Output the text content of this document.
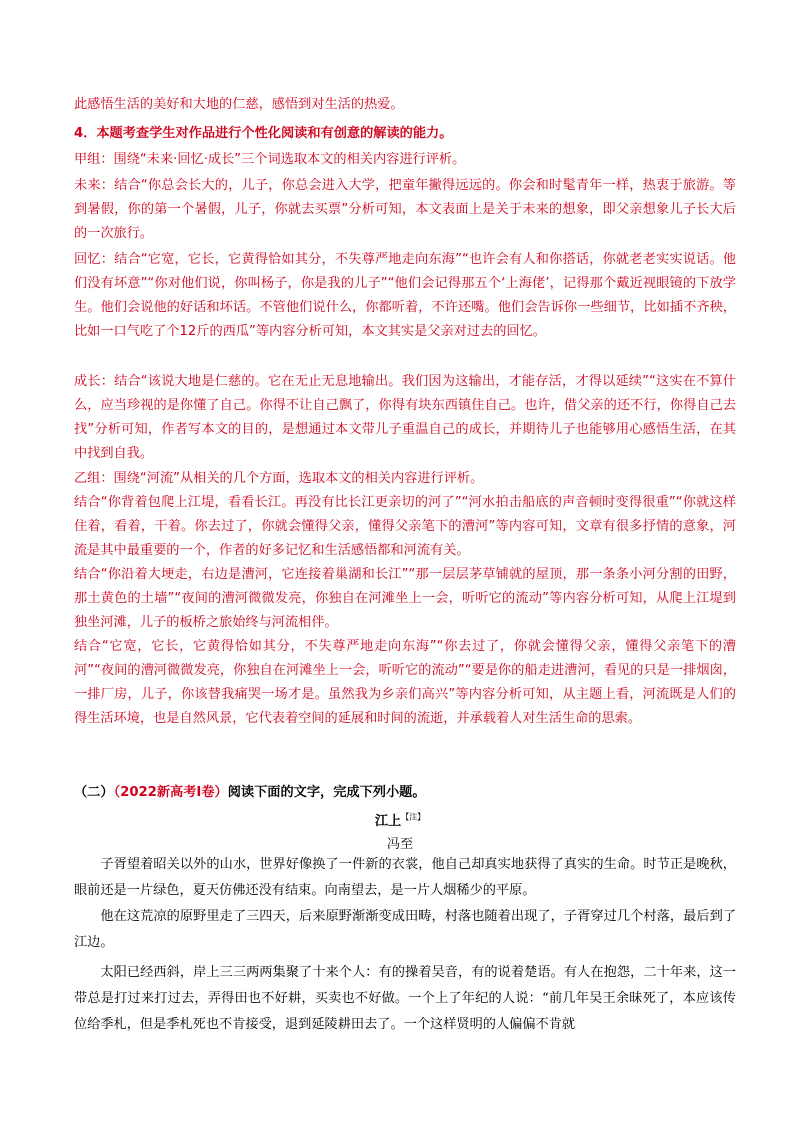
此感悟生活的美好和大地的仁慈，感悟到对生活的热爱。

4．本题考查学生对作品进行个性化阅读和有创意的解读的能力。

甲组：围绕“未来·回忆·成长”三个词选取本文的相关内容进行评析。

未来：结合“你总会长大的，儿子，你总会进入大学，把童年撇得远远的。你会和时髦青年一样，热衷于旅游。等到暑假，你的第一个暑假，儿子，你就去买票”分析可知，本文表面上是关于未来的想象，即父亲想象儿子长大后的一次旅行。

回忆：结合“它宽，它长，它黄得恰如其分，不失尊严地走向东海”“也许会有人和你搭话，你就老老实实说话。他们没有坏意”“你对他们说，你叫杨子，你是我的儿子”“他们会记得那五个‘上海佬’，记得那个戴近视眼镜的下放学生。他们会说他的好话和坏话。不管他们说什么，你都听着，不许还嘴。他们会告诉你一些细节，比如插不齐秧，比如一口气吃了个12斤的西瓜”等内容分析可知，本文其实是父亲对过去的回忆。

成长：结合“该说大地是仁慈的。它在无止无息地输出。我们因为这输出，才能存活，才得以延续”“这实在不算什么，应当珍视的是你懂了自己。你得不让自己飘了，你得有块东西镇住自己。也许，借父亲的还不行，你得自己去找”分析可知，作者写本文的目的，是想通过本文带儿子重温自己的成长，并期待儿子也能够用心感悟生活，在其中找到自我。

乙组：围绕“河流”从相关的几个方面，选取本文的相关内容进行评析。

结合“你背着包爬上江堤，看看长江。再没有比长江更亲切的河了”“河水拍击船底的声音顿时变得很重”“你就这样住着，看着，干着。你去过了，你就会懂得父亲，懂得父亲笔下的漕河”等内容可知，文章有很多抒情的意象，河流是其中最重要的一个，作者的好多记忆和生活感悟都和河流有关。

结合“你沿着大埂走，右边是漕河，它连接着巢湖和长江”“那一层层茅草铺就的屋顶，那一条条小河分割的田野，那土黄色的土墙”“夜间的漕河微微发亮，你独自在河滩坐上一会，听听它的流动”等内容分析可知，从爬上江堤到独坐河滩，儿子的板桥之旅始终与河流相伴。

结合“它宽，它长，它黄得恰如其分，不失尊严地走向东海”“你去过了，你就会懂得父亲，懂得父亲笔下的漕河”“夜间的漕河微微发亮，你独自在河滩坐上一会，听听它的流动”“要是你的船走进漕河，看见的只是一排烟囱，一排厂房，儿子，你该替我痛哭一场才是。虽然我为乡亲们高兴”等内容分析可知，从主题上看，河流既是人们的得生活环境，也是自然风景，它代表着空间的延展和时间的流逝，并承载着人对生活生命的思索。

（二）（2022新高考Ⅰ卷）阅读下面的文字，完成下列小题。
江上$^{【注】}$
冯至

子胥望着昭关以外的山水，世界好像换了一件新的衣裳，他自己却真实地获得了真实的生命。时节正是晚秋，眼前还是一片绿色，夏天仿佛还没有结束。向南望去，是一片人烟稀少的平原。

他在这荒凉的原野里走了三四天，后来原野渐渐变成田畴，村落也随着出现了，子胥穿过几个村落，最后到了江边。

太阳已经西斜，岸上三三两两集聚了十来个人：有的操着吴音，有的说着楚语。有人在抱怨，二十年来，这一带总是打过来打过去，弄得田也不好耕，买卖也不好做。一个上了年纪的人说：“前几年吴王余昧死了，本应该传位给季札，但是季札死也不肯接受，退到延陵耕田去了。一个这样贤明的人偏偏不肯就
